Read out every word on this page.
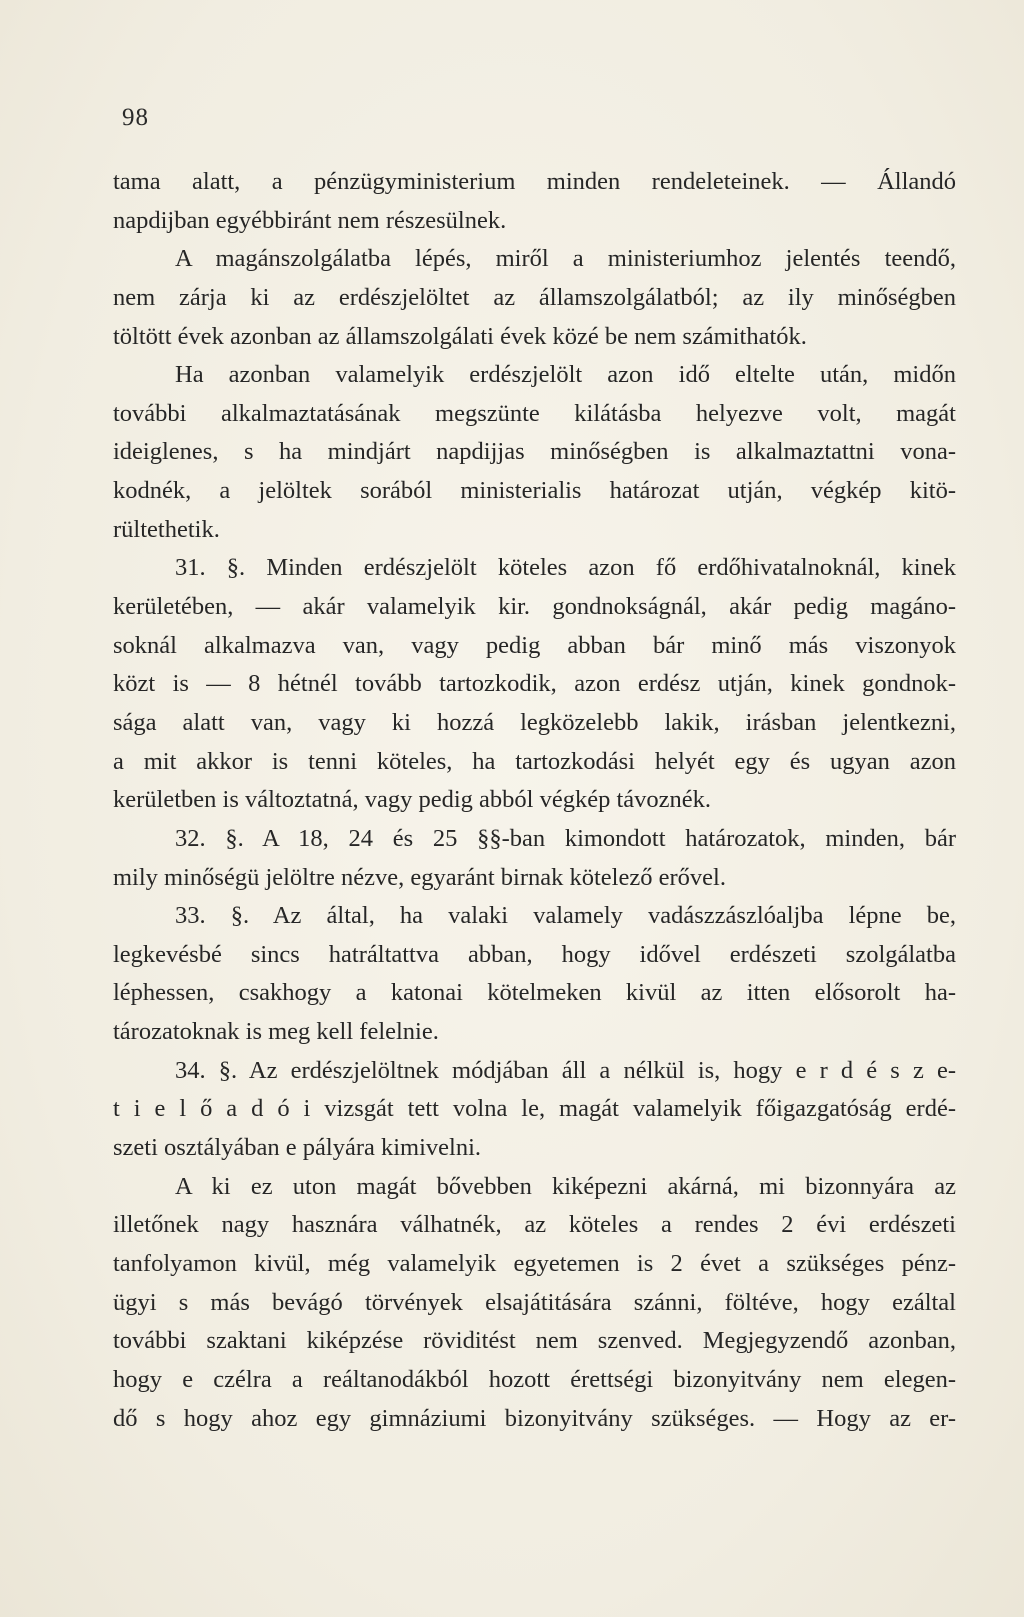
98
tama alatt, a pénzügyministerium minden rendeleteinek. — Állandó
napdijban egyébbiránt nem részesülnek.
A magánszolgálatba lépés, miről a ministeriumhoz jelentés teendő,
nem zárja ki az erdészjelöltet az államszolgálatból; az ily minőségben
töltött évek azonban az államszolgálati évek közé be nem számithatók.
Ha azonban valamelyik erdészjelölt azon idő eltelte után, midőn
további alkalmaztatásának megszünte kilátásba helyezve volt, magát
ideiglenes, s ha mindjárt napdijjas minőségben is alkalmaztattni vona-
kodnék, a jelöltek sorából ministerialis határozat utján, végkép kitö-
rültethetik.
31. §. Minden erdészjelölt köteles azon fő erdőhivatalnoknál, kinek
kerületében, — akár valamelyik kir. gondnokságnál, akár pedig magáno-
soknál alkalmazva van, vagy pedig abban bár minő más viszonyok
közt is — 8 hétnél tovább tartozkodik, azon erdész utján, kinek gondnok-
sága alatt van, vagy ki hozzá legközelebb lakik, irásban jelentkezni,
a mit akkor is tenni köteles, ha tartozkodási helyét egy és ugyan azon
kerületben is változtatná, vagy pedig abból végkép távoznék.
32. §. A 18, 24 és 25 §§-ban kimondott határozatok, minden, bár
mily minőségü jelöltre nézve, egyaránt birnak kötelező erővel.
33. §. Az által, ha valaki valamely vadászzászlóaljba lépne be,
legkevésbé sincs hatráltattva abban, hogy idővel erdészeti szolgálatba
léphessen, csakhogy a katonai kötelmeken kivül az itten elősorolt ha-
tározatoknak is meg kell felelnie.
34. §. Az erdészjelöltnek módjában áll a nélkül is, hogy e r d é s z e-
t i e l ő a d ó i vizsgát tett volna le, magát valamelyik főigazgatóság erdé-
szeti osztályában e pályára kimivelni.
A ki ez uton magát bővebben kiképezni akárná, mi bizonnyára az
illetőnek nagy hasznára válhatnék, az köteles a rendes 2 évi erdészeti
tanfolyamon kivül, még valamelyik egyetemen is 2 évet a szükséges pénz-
ügyi s más bevágó törvények elsajátitására szánni, föltéve, hogy ezáltal
további szaktani kiképzése röviditést nem szenved. Megjegyzendő azonban,
hogy e czélra a reáltanodákból hozott érettségi bizonyitvány nem elegen-
dő s hogy ahoz egy gimnáziumi bizonyitvány szükséges. — Hogy az er-
